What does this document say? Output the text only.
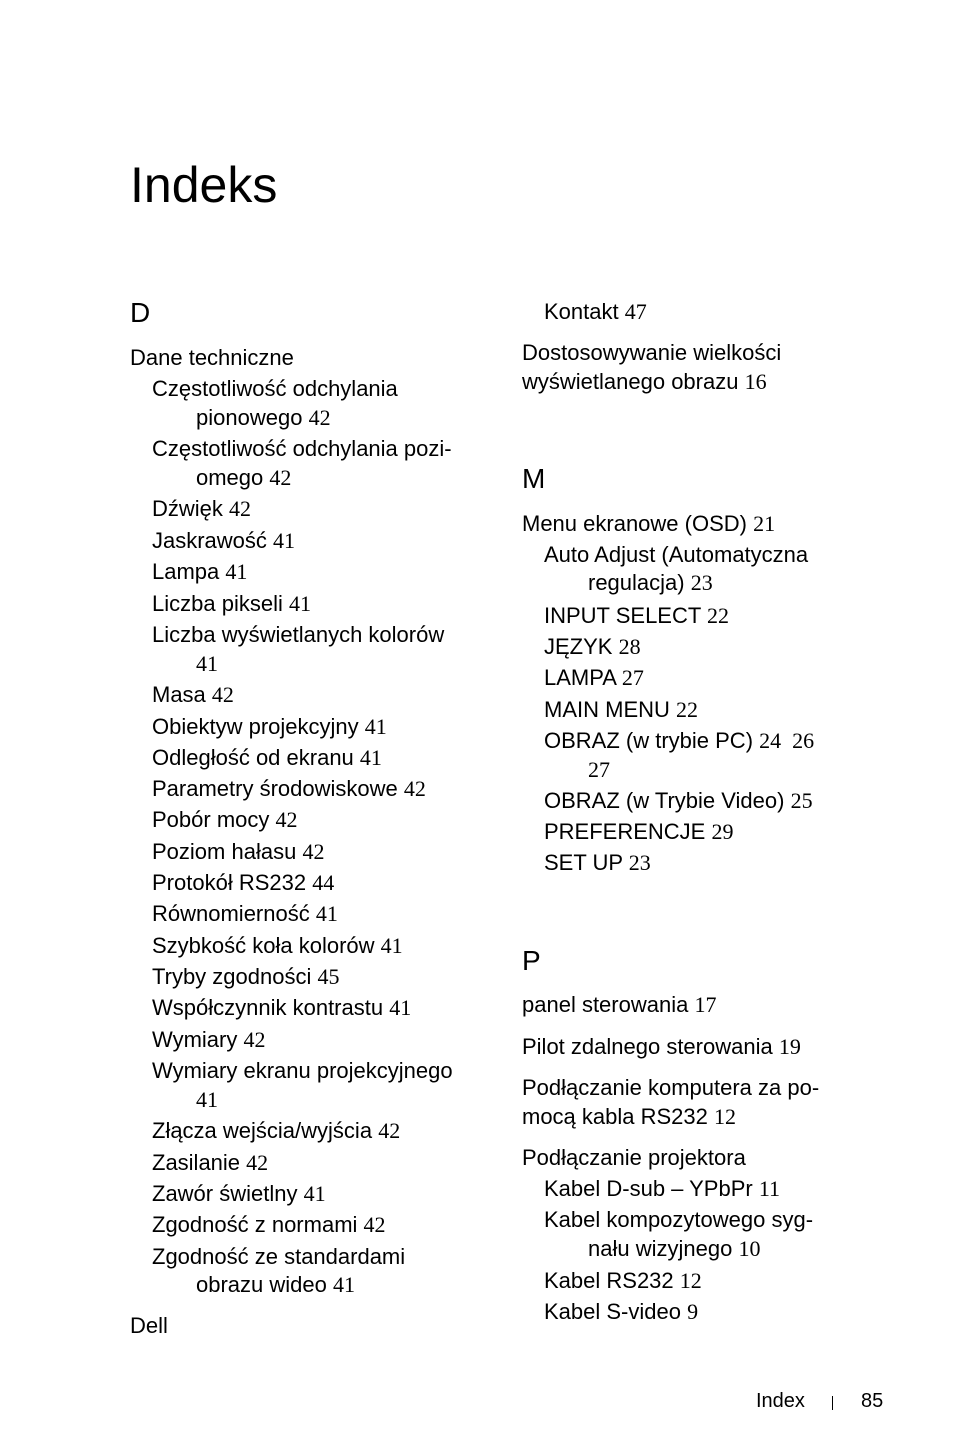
Indeks
D
Dane techniczne
Częstotliwość odchylania
pionowego 42
Częstotliwość odchylania pozi-
omego 42
Dźwięk 42
Jaskrawość 41
Lampa 41
Liczba pikseli 41
Liczba wyświetlanych kolorów
41
Masa 42
Obiektyw projekcyjny 41
Odległość od ekranu 41
Parametry środowiskowe 42
Pobór mocy 42
Poziom hałasu 42
Protokół RS232 44
Równomierność 41
Szybkość koła kolorów 41
Tryby zgodności 45
Współczynnik kontrastu 41
Wymiary 42
Wymiary ekranu projekcyjnego
41
Złącza wejścia/wyjścia 42
Zasilanie 42
Zawór świetlny 41
Zgodność z normami 42
Zgodność ze standardami
obrazu wideo 41
Dell
Kontakt 47
Dostosowywanie wielkości
wyświetlanego obrazu 16
M
Menu ekranowe (OSD) 21
Auto Adjust (Automatyczna
regulacja) 23
INPUT SELECT 22
JĘZYK 28
LAMPA 27
MAIN MENU 22
OBRAZ (w trybie PC) 24  26
27
OBRAZ (w Trybie Video) 25
PREFERENCJE 29
SET UP 23
P
panel sterowania 17
Pilot zdalnego sterowania 19
Podłączanie komputera za po-
mocą kabla RS232 12
Podłączanie projektora
Kabel D-sub – YPbPr 11
Kabel kompozytowego syg-
nału wizyjnego 10
Kabel RS232 12
Kabel S-video 9
Index	85
